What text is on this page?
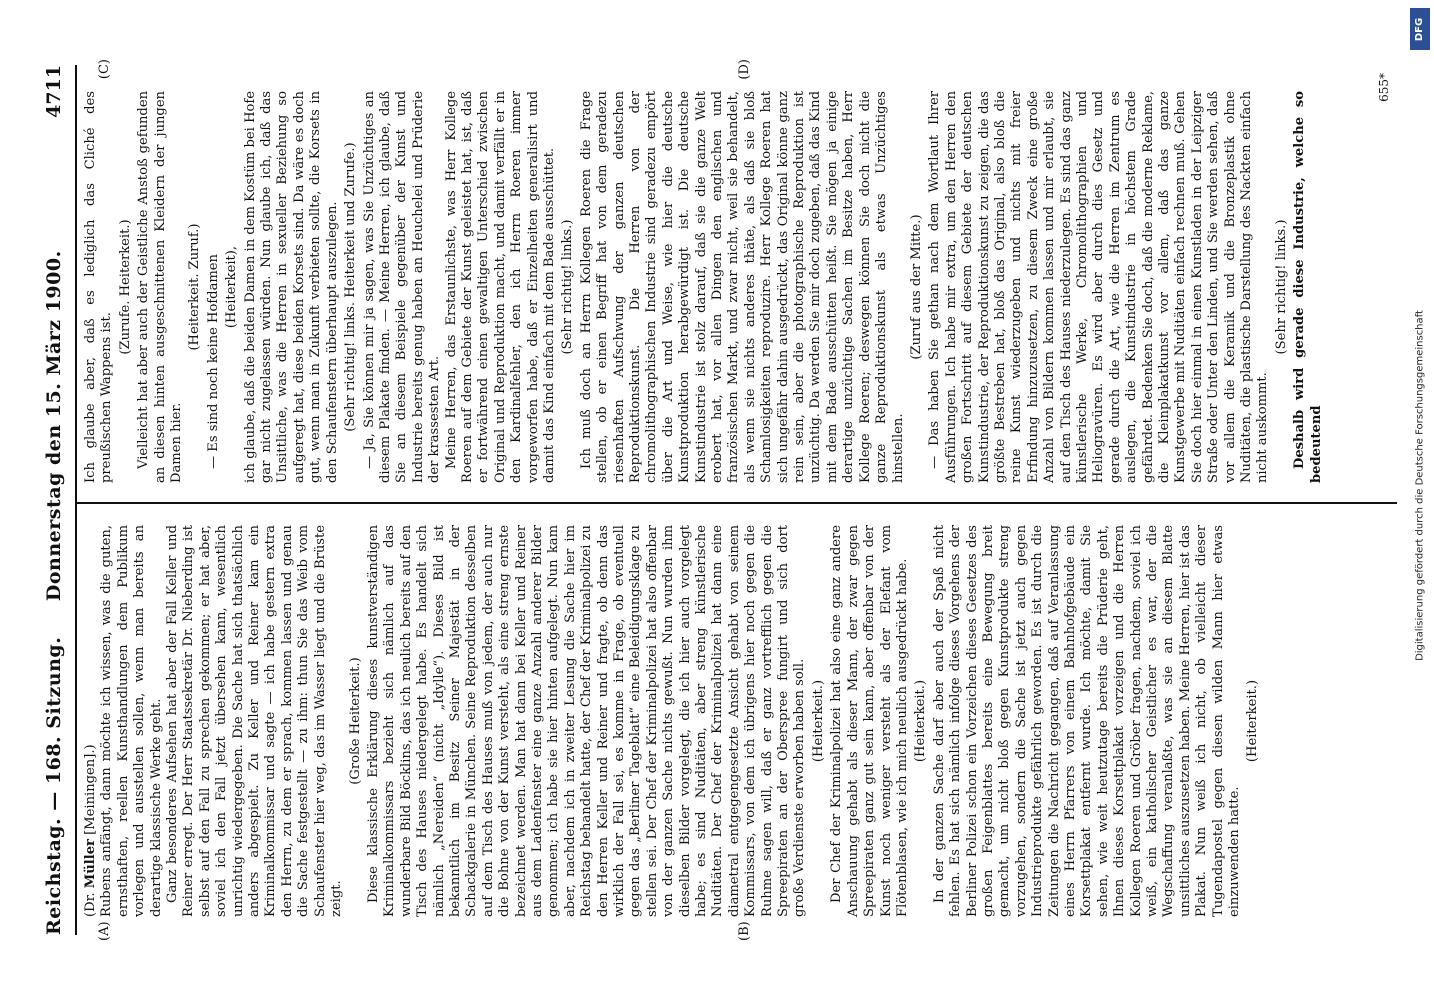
Reichstag. — 168. Sitzung.     Donnerstag den 15. März 1900.
4711
(A)	(B)
(C)	(D)

(Dr. Müller [Meiningen].) Rubens anfängt, dann möchte ich wissen, was die guten, ernsthaften, reellen Kunsthandlungen dem Publikum vorlegen und ausstellen sollen, wenn man bereits an derartige klassische Werke geht. Ganz besonderes Aufsehen hat aber der Fall Keller und Reiner erregt. Der Herr Staatssekretär Dr. Nieberding ist selbst auf den Fall zu sprechen gekommen; er hat aber, soviel ich den Fall jetzt übersehen kann, wesentlich unrichtig wiedergegeben. Die Sache hat sich thatsächlich anders abgespielt. Zu Keller und Reiner kam ein Kriminalkommissar und sagte — ich habe gestern extra den Herrn, zu dem er sprach, kommen lassen und genau die Sache festgestellt — zu ihm: thun Sie das Weib vom Schaufenster hier weg, das im Wasser liegt und die Brüste zeigt.

(Große Heiterkeit.) Diese klassische Erklärung dieses kunstverständigen Kriminalkommissars bezieht sich nämlich auf das wunderbare Bild Böcklins, das ich neulich bereits auf den Tisch des Hauses niedergelegt habe. Es handelt sich nämlich „Nereiden“ (nicht „Idylle“). Dieses Bild ist bekanntlich im Besitz Seiner Majestät in der Schackgalerie in München. Seine Reproduktion desselben auf dem Tisch des Hauses muß von jedem, der auch nur die Bohne von der Kunst versteht, als eine streng ernste bezeichnet werden. Man hat dann bei Keller und Reiner aus dem Ladenfenster eine ganze Anzahl anderer Bilder genommen; ich habe sie hier hinten aufgelegt. Nun kam aber, nachdem ich in zweiter Lesung die Sache hier im Reichstag behandelt hatte, der Chef der Kriminalpolizei zu den Herren Keller und Reiner und fragte, ob denn das wirklich der Fall sei, es komme in Frage, ob eventuell gegen das „Berliner Tageblatt“ eine Beleidigungsklage zu stellen sei. Der Chef der Kriminalpolizei hat also offenbar von der ganzen Sache nichts gewußt. Nun wurden ihm dieselben Bilder vorgelegt, die ich hier auch vorgelegt habe; es sind Nuditäten, aber streng künstlerische Nuditäten. Der Chef der Kriminalpolizei hat dann eine diametral entgegengesetzte Ansicht gehabt von seinem Kommissars, von dem ich übrigens hier noch gegen die Ruhme sagen will, daß er ganz vortrefflich gegen die Spreepiraten an der Oberspree fungirt und sich dort große Verdienste erworben haben soll. (Heiterkeit.) Der Chef der Kriminalpolizei hat also eine ganz andere Anschauung gehabt als dieser Mann, der zwar gegen Spreepiraten ganz gut sein kann, aber offenbar von der Kunst noch weniger versteht als der Elefant vom Flötenblasen, wie ich mich neulich ausgedrückt habe. (Heiterkeit.) In der ganzen Sache darf aber auch der Spaß nicht fehlen. Es hat sich nämlich infolge dieses Vorgehens der Berliner Polizei schon ein Vorzeichen dieses Gesetzes des großen Feigenblattes bereits eine Bewegung breit gemacht, um nicht bloß gegen Kunstprodukte streng vorzugehen, sondern die Sache ist jetzt auch gegen Industrieprodukte gefährlich geworden. Es ist durch die Zeitungen die Nachricht gegangen, daß auf Veranlassung eines Herrn Pfarrers von einem Bahnhofgebäude ein Korsettplakat entfernt wurde. Ich möchte, damit Sie sehen, wie weit heutzutage bereits die Prüderie geht, Ihnen dieses Korsettplakat vorzeigen und die Herren Kollegen Roeren und Gröber fragen, nachdem, soviel ich weiß, ein katholischer Geistlicher es war, der die Wegschaffung veranlaßte, was sie an diesem Blatte unsittliches auszusetzen haben. Meine Herren, hier ist das Plakat. Nun weiß ich nicht, ob vielleicht dieser Tugendapostel gegen diesen wilden Mann hier etwas einzuwenden hatte.

(Heiterkeit.)

Ich glaube aber, daß es lediglich das Cliché des preußischen Wappens ist.

(Zurufe. Heiterkeit.) Vielleicht hat aber auch der Geistliche Anstoß gefunden an diesen hinten ausgeschnittenen Kleidern der jungen Damen hier.

(Heiterkeit. Zuruf.) — Es sind noch keine Hofdamen (Heiterkeit), ich glaube, daß die beiden Damen in dem Kostüm bei Hofe gar nicht zugelassen würden. Nun glaube ich, daß das Unsittliche, was die Herren in sexueller Beziehung so aufgeregt hat, diese beiden Korsets sind. Da wäre es doch gut, wenn man in Zukunft verbieten sollte, die Korsets in den Schaufenstern überhaupt auszulegen. (Sehr richtig! links. Heiterkeit und Zurufe.) — Ja, Sie können mir ja sagen, was Sie Unzüchtiges an diesem Plakate finden. — Meine Herren, ich glaube, daß Sie an diesem Beispiele gegenüber der Kunst und Industrie bereits genug haben an Heuchelei und Prüderie der krassesten Art. Meine Herren, das Erstaunlichste, was Herr Kollege Roeren auf dem Gebiete der Kunst geleistet hat, ist, daß er fortwährend einen gewaltigen Unterschied zwischen Original und Reproduktion macht, und damit verfällt er in den Kardinalfehler, den ich Herrn Roeren immer vorgeworfen habe, daß er Einzelheiten generalisirt und damit das Kind einfach mit dem Bade ausschüttet. (Sehr richtig! links.) Ich muß doch an Herrn Kollegen Roeren die Frage stellen, ob er einen Begriff hat von dem geradezu riesenhaften Aufschwung der ganzen deutschen Reproduktionskunst. Die Herren von der chromolithographischen Industrie sind geradezu empört über die Art und Weise, wie hier die deutsche Kunstproduktion herabgewürdigt ist. Die deutsche Kunstindustrie ist stolz darauf, daß sie die ganze Welt erobert hat, vor allen Dingen den englischen und französischen Markt, und zwar nicht, weil sie behandelt, als wenn sie nichts anderes thäte, als daß sie bloß Schamlosigkeiten reproduzire. Herr Kollege Roeren hat sich ungefähr dahin ausgedrückt, das Original könne ganz rein sein, aber die photographische Reproduktion ist unzüchtig. Da werden Sie mir doch zugeben, daß das Kind mit dem Bade ausschütten heißt. Sie mögen ja einige derartige unzüchtige Sachen im Besitze haben, Herr Kollege Roeren; deswegen können Sie doch nicht die ganze Reproduktionskunst als etwas Unzüchtiges hinstellen.

(Zuruf aus der Mitte.) — Das haben Sie gethan nach dem Wortlaut Ihrer Ausführungen. Ich habe mir extra, um den Herren den großen Fortschritt auf diesem Gebiete der deutschen Kunstindustrie, der Reproduktionskunst zu zeigen, die das größte Bestreben hat, bloß das Original, also bloß die reine Kunst wiederzugeben und nichts mit freier Erfindung hinzuzusetzen, zu diesem Zweck eine große Anzahl von Bildern kommen lassen und mir erlaubt, sie auf den Tisch des Hauses niederzulegen. Es sind das ganz künstlerische Werke, Chromolithographien und Heliogravüren. Es wird aber durch dies Gesetz und gerade durch die Art, wie die Herren im Zentrum es auslegen, die Kunstindustrie in höchstem Grade gefährdet. Bedenken Sie doch, daß die moderne Reklame, die Kleinplakatkunst vor allem, daß das ganze Kunstgewerbe mit Nuditäten einfach rechnen muß. Gehen Sie doch hier einmal in einen Kunstladen in der Leipziger Straße oder Unter den Linden, und Sie werden sehen, daß vor allem die Keramik und die Bronzeplastik ohne Nuditäten, die plastische Darstellung des Nackten einfach nicht auskommt.

(Sehr richtig! links.) Deshalb wird gerade diese Industrie, welche so bedeutend

655*
DFG
Digitalisierung gefördert durch die Deutsche Forschungsgemeinschaft
